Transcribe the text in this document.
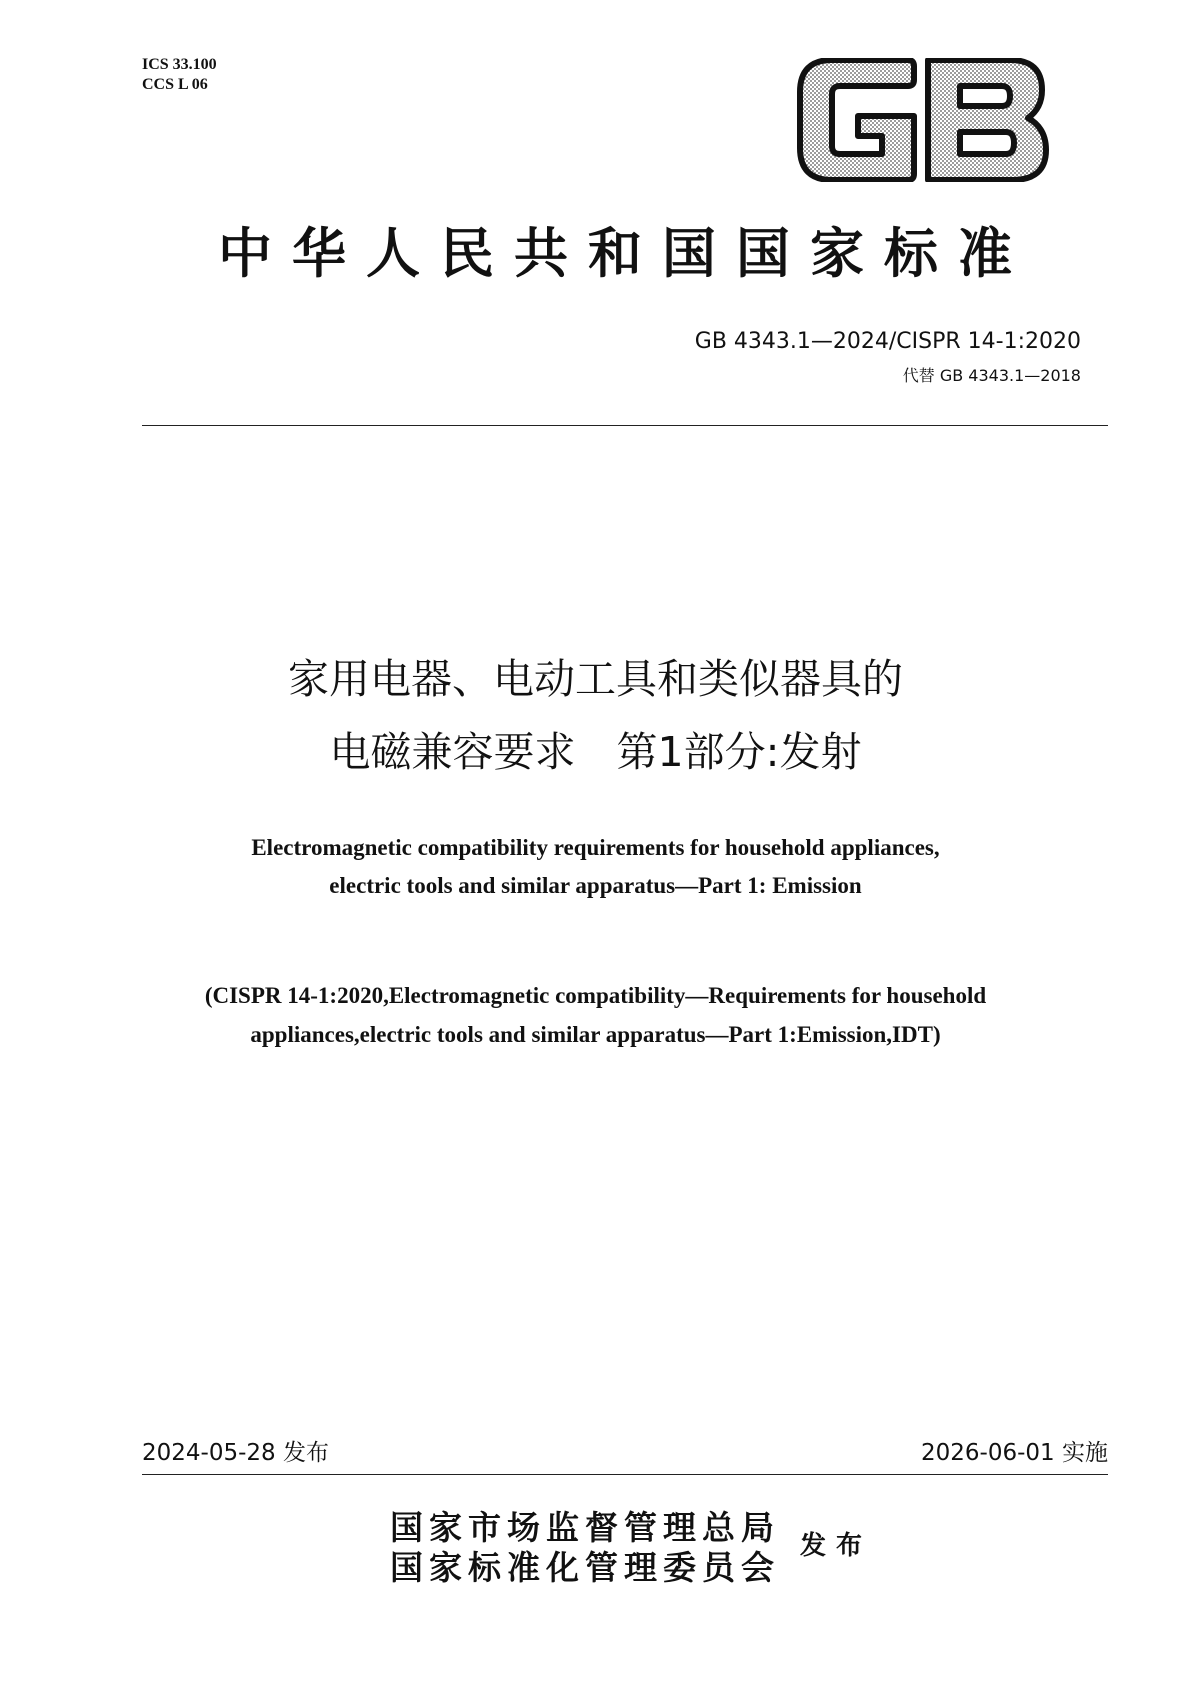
ICS 33.100
CCS L 06
GB
中华人民共和国国家标准
GB 4343.1—2024/CISPR 14-1:2020
代替 GB 4343.1—2018
家用电器、电动工具和类似器具的
电磁兼容要求　第1部分:发射
Electromagnetic compatibility requirements for household appliances,
electric tools and similar apparatus—Part 1: Emission
(CISPR 14-1:2020,Electromagnetic compatibility—Requirements for household
appliances,electric tools and similar apparatus—Part 1:Emission,IDT)
2024-05-28 发布	2026-06-01 实施
国家市场监督管理总局
国家标准化管理委员会
发布
